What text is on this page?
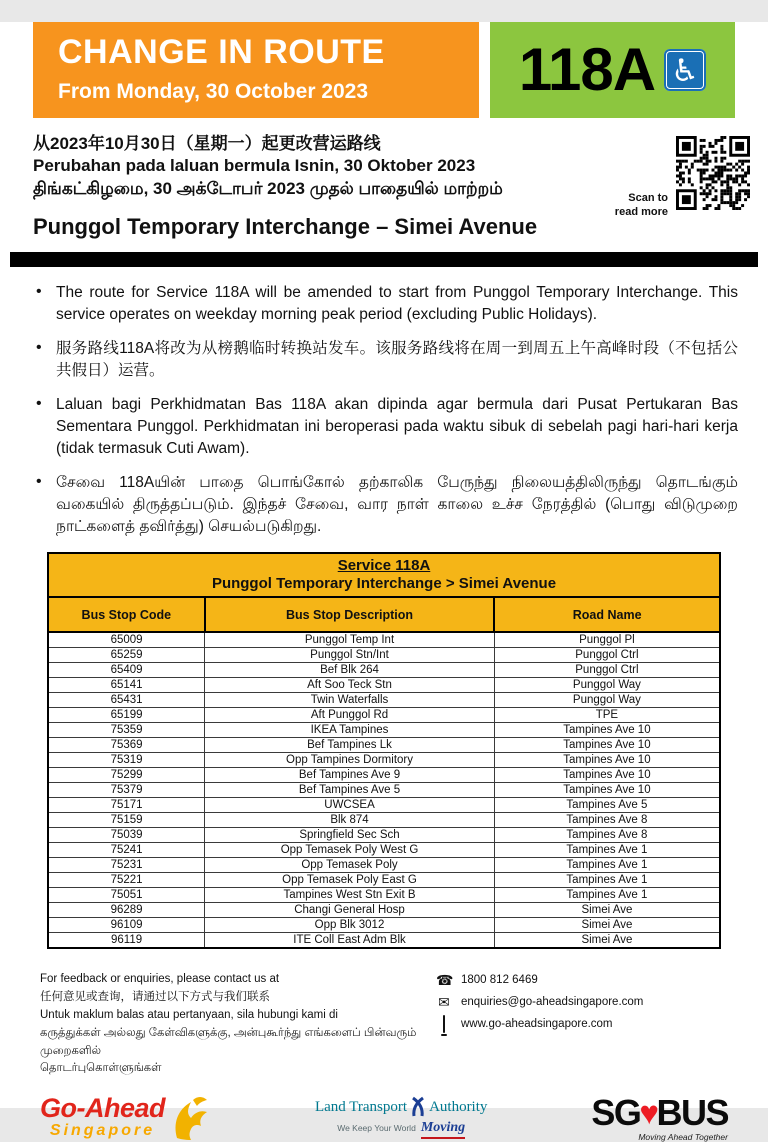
CHANGE IN ROUTE
From Monday, 30 October 2023	118A ♿
从2023年10月30日（星期一）起更改营运路线
Perubahan pada laluan bermula Isnin, 30 Oktober 2023
திங்கட்கிழமை, 30 அக்டோபர் 2023 முதல் பாதையில் மாற்றம்
Punggol Temporary Interchange – Simei Avenue
Scan to
read more
• The route for Service 118A will be amended to start from Punggol Temporary Interchange. This service operates on weekday morning peak period (excluding Public Holidays).
• 服务路线118A将改为从榜鹅临时转换站发车。该服务路线将在周一到周五上午高峰时段（不包括公共假日）运营。
• Laluan bagi Perkhidmatan Bas 118A akan dipinda agar bermula dari Pusat Pertukaran Bas Sementara Punggol. Perkhidmatan ini beroperasi pada waktu sibuk di sebelah pagi hari-hari kerja (tidak termasuk Cuti Awam).
• சேவை 118Aயின் பாதை பொங்கோல் தற்காலிக பேருந்து நிலையத்திலிருந்து தொடங்கும் வகையில் திருத்தப்படும். இந்தச் சேவை, வார நாள் காலை உச்ச நேரத்தில் (பொது விடுமுறை நாட்களைத் தவிர்த்து) செயல்படுகிறது.
Service 118A
Punggol Temporary Interchange > Simei Avenue		

Bus Stop Code	Bus Stop Description	Road Name
65009	Punggol Temp Int	Punggol Pl
65259	Punggol Stn/Int	Punggol Ctrl
65409	Bef Blk 264	Punggol Ctrl
65141	Aft Soo Teck Stn	Punggol Way
65431	Twin Waterfalls	Punggol Way
65199	Aft Punggol Rd	TPE
75359	IKEA Tampines	Tampines Ave 10
75369	Bef Tampines Lk	Tampines Ave 10
75319	Opp Tampines Dormitory	Tampines Ave 10
75299	Bef Tampines Ave 9	Tampines Ave 10
75379	Bef Tampines Ave 5	Tampines Ave 10
75171	UWCSEA	Tampines Ave 5
75159	Blk 874	Tampines Ave 8
75039	Springfield Sec Sch	Tampines Ave 8
75241	Opp Temasek Poly West G	Tampines Ave 1
75231	Opp Temasek Poly	Tampines Ave 1
75221	Opp Temasek Poly East G	Tampines Ave 1
75051	Tampines West Stn Exit B	Tampines Ave 1
96289	Changi General Hosp	Simei Ave
96109	Opp Blk 3012	Simei Ave
96119	ITE Coll East Adm Blk	Simei Ave
For feedback or enquiries, please contact us at
任何意见或查询，请通过以下方式与我们联系
Untuk maklum balas atau pertanyaan, sila hubungi kami di
கருத்துக்கள் அல்லது கேள்விகளுக்கு, அன்புகூர்ந்து எங்களைப் பின்வரும் முறைகளில்
தொடர்புகொள்ளுங்கள்
☎ 1800 812 6469
✉ enquiries@go-aheadsingapore.com
www.go-aheadsingapore.com
Go-Ahead
Singapore
Land Transport Authority
We Keep Your World Moving	SG ♥ BUS
Moving Ahead Together
